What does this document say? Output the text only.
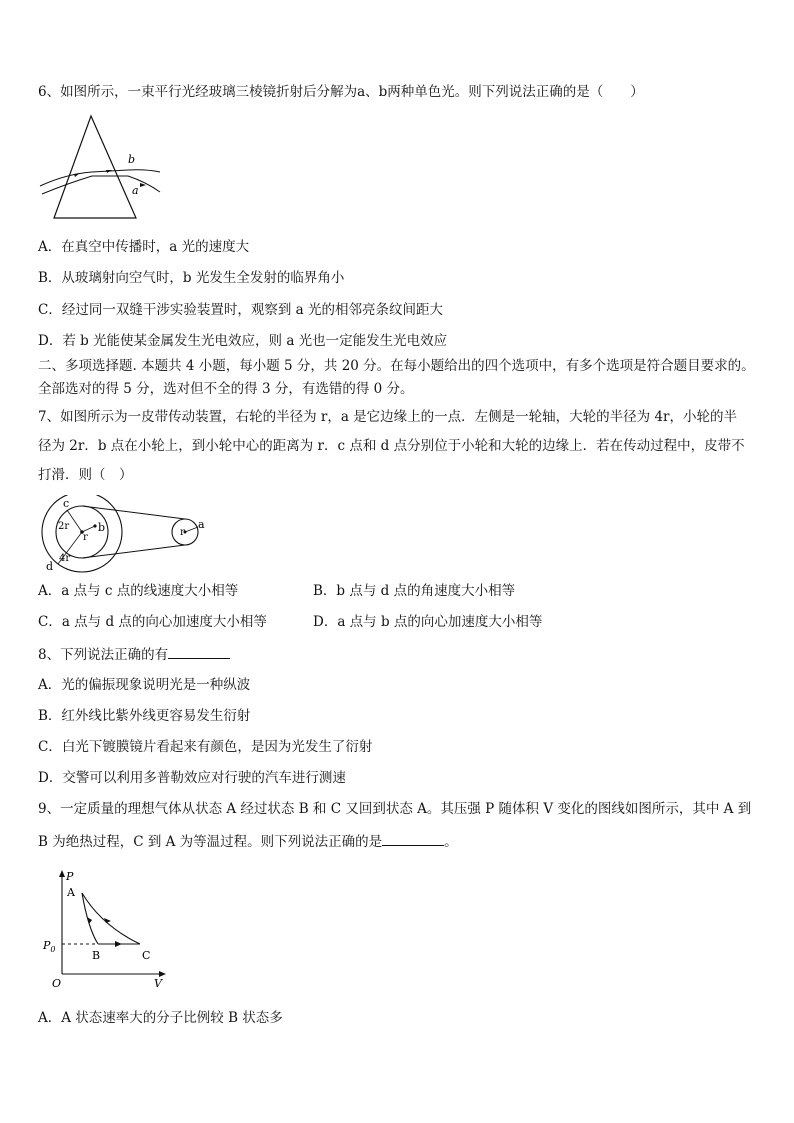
6、如图所示，一束平行光经玻璃三棱镜折射后分解为a、b两种单色光。则下列说法正确的是（　　）
b
a
A．在真空中传播时，a 光的速度大
B．从玻璃射向空气时，b 光发生全发射的临界角小
C．经过同一双缝干涉实验装置时，观察到 a 光的相邻亮条纹间距大
D．若 b 光能使某金属发生光电效应，则 a 光也一定能发生光电效应
二、多项选择题. 本题共 4 小题，每小题 5 分，共 20 分。在每小题给出的四个选项中，有多个选项是符合题目要求的。
全部选对的得 5 分，选对但不全的得 3 分，有选错的得 0 分。
7、如图所示为一皮带传动装置，右轮的半径为 r，a 是它边缘上的一点．左侧是一轮轴，大轮的半径为 4r，小轮的半
径为 2r．b 点在小轮上，到小轮中心的距离为 r．c 点和 d 点分别位于小轮和大轮的边缘上．若在传动过程中，皮带不
打滑．则（　）
c
2r
r
b
4r
d
r
a
A．a 点与 c 点的线速度大小相等	B．b 点与 d 点的角速度大小相等
C．a 点与 d 点的向心加速度大小相等	D．a 点与 b 点的向心加速度大小相等
8、下列说法正确的有
A．光的偏振现象说明光是一种纵波
B．红外线比紫外线更容易发生衍射
C．白光下镀膜镜片看起来有颜色，是因为光发生了衍射
D．交警可以利用多普勒效应对行驶的汽车进行测速
9、一定质量的理想气体从状态 A 经过状态 B 和 C 又回到状态 A。其压强 P 随体积 V 变化的图线如图所示，其中 A 到
B 为绝热过程，C 到 A 为等温过程。则下列说法正确的是	。
P
V
O
$P_0$
A
B	C
A．A 状态速率大的分子比例较 B 状态多
